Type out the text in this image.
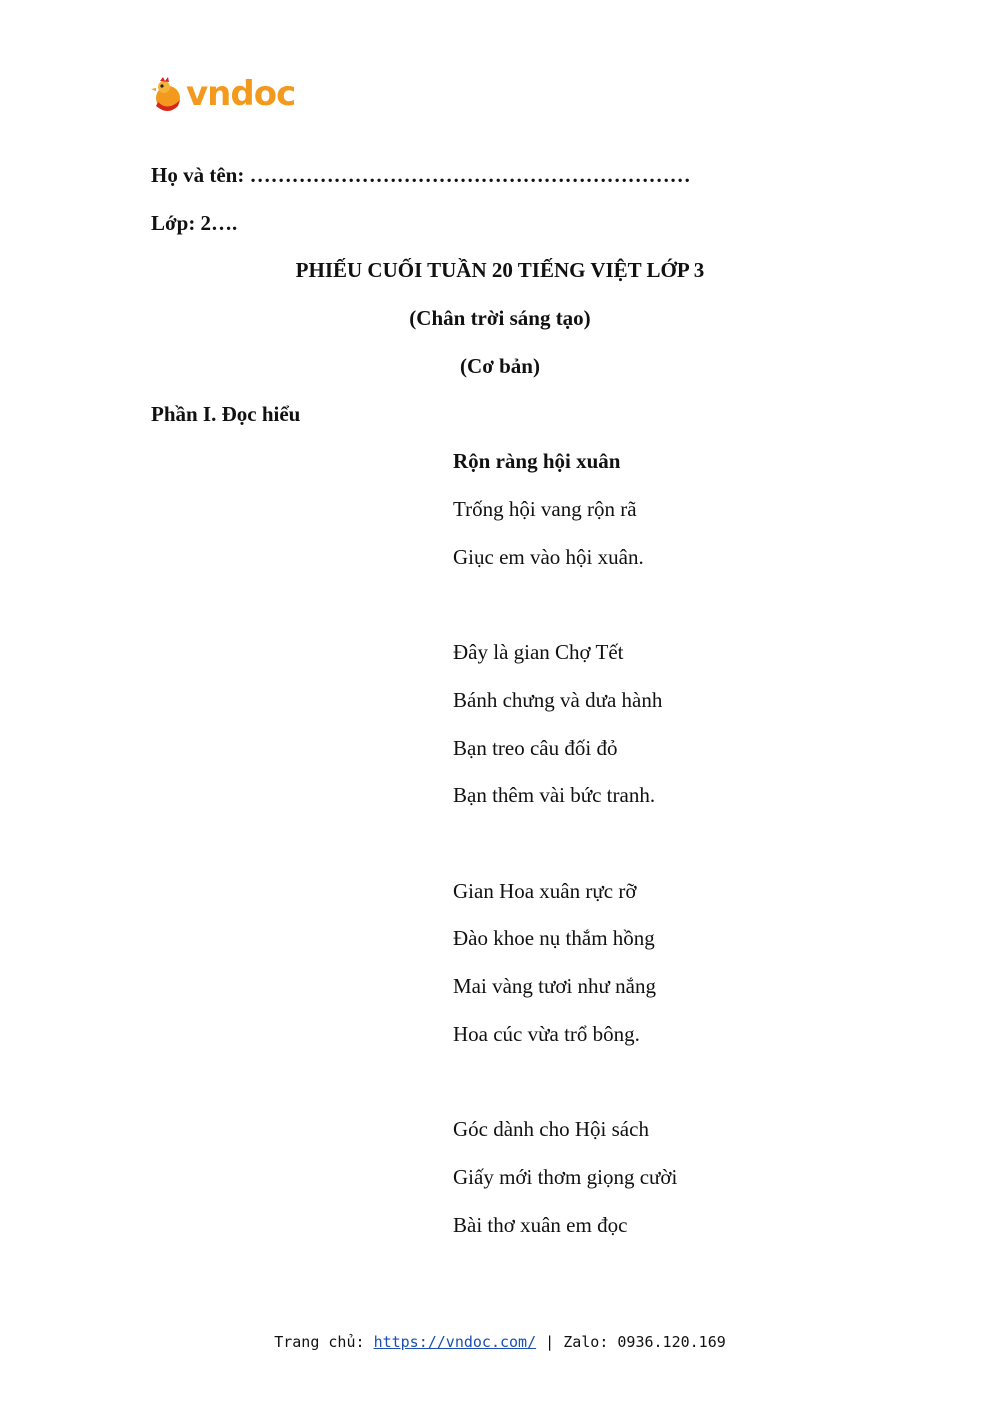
vndoc
Họ và tên: ………………………………………………………
Lớp: 2….
PHIẾU CUỐI TUẦN 20 TIẾNG VIỆT LỚP 3
(Chân trời sáng tạo)
(Cơ bản)
Phần I. Đọc hiểu
Rộn ràng hội xuân
Trống hội vang rộn rã
Giục em vào hội xuân.
Đây là gian Chợ Tết
Bánh chưng và dưa hành
Bạn treo câu đối đỏ
Bạn thêm vài bức tranh.
Gian Hoa xuân rực rỡ
Đào khoe nụ thắm hồng
Mai vàng tươi như nắng
Hoa cúc vừa trổ bông.
Góc dành cho Hội sách
Giấy mới thơm giọng cười
Bài thơ xuân em đọc
Trang chủ: https://vndoc.com/ | Zalo: 0936.120.169
